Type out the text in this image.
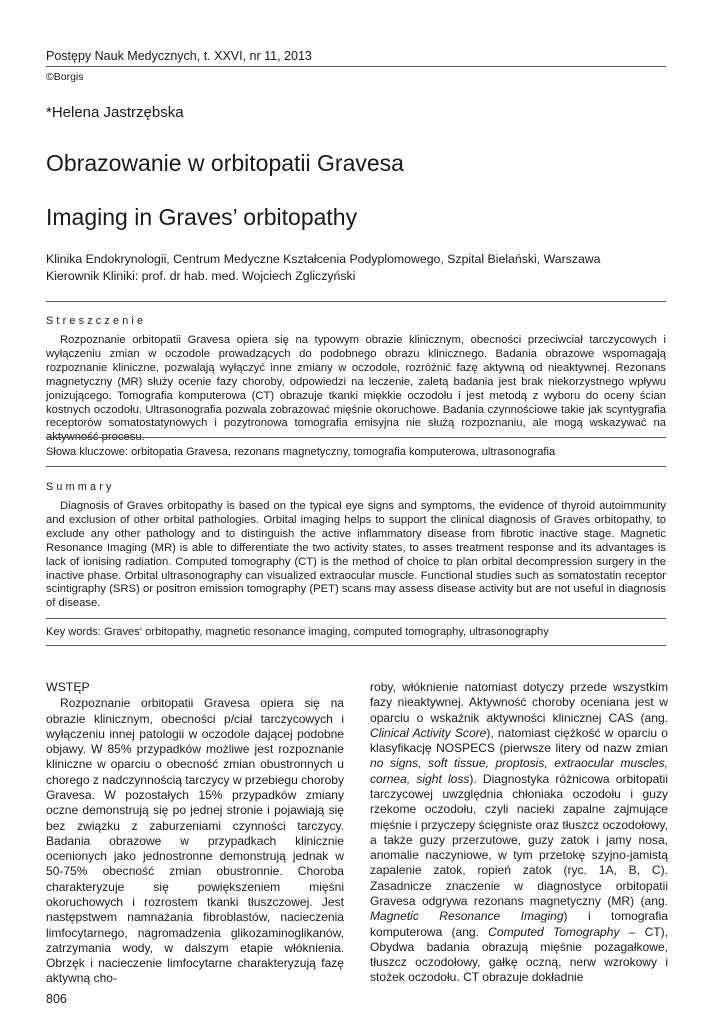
Postępy Nauk Medycznych, t. XXVI, nr 11, 2013
©Borgis
*Helena Jastrzębska
Obrazowanie w orbitopatii Gravesa
Imaging in Graves’ orbitopathy
Klinika Endokrynologii, Centrum Medyczne Kształcenia Podyplomowego, Szpital Bielański, Warszawa
Kierownik Kliniki: prof. dr hab. med. Wojciech Zgliczyński
Streszczenie

Rozpoznanie orbitopatii Gravesa opiera się na typowym obrazie klinicznym, obecności przeciwciał tarczycowych i wyłączeniu zmian w oczodole prowadzących do podobnego obrazu klinicznego. Badania obrazowe wspomagają rozpoznanie kliniczne, pozwalają wyłączyć inne zmiany w oczodole, rozróżnić fazę aktywną od nieaktywnej. Rezonans magnetyczny (MR) służy ocenie fazy choroby, odpowiedzi na leczenie, zaletą badania jest brak niekorzystnego wpływu jonizującego. Tomografia komputerowa (CT) obrazuje tkanki miękkie oczodołu i jest metodą z wyboru do oceny ścian kostnych oczodołu. Ultrasonografia pozwala zobrazować mięśnie okoruchowe. Badania czynnościowe takie jak scyntygrafia receptorów somatostatynowych i pozytronowa tomografia emisyjna nie służą rozpoznaniu, ale mogą wskazywać na aktywność procesu.

Słowa kluczowe: orbitopatia Gravesa, rezonans magnetyczny, tomografia komputerowa, ultrasonografia
Summary

Diagnosis of Graves orbitopathy is based on the typical eye signs and symptoms, the evidence of thyroid autoimmunity and exclusion of other orbital pathologies. Orbital imaging helps to support the clinical diagnosis of Graves orbitopathy, to exclude any other pathology and to distinguish the active inflammatory disease from fibrotic inactive stage. Magnetic Resonance Imaging (MR) is able to differentiate the two activity states, to asses treatment response and its advantages is lack of ionising radiation. Computed tomography (CT) is the method of choice to plan orbital decompression surgery in the inactive phase. Orbital ultrasonography can visualized extraocular muscle. Functional studies such as somatostatin receptor scintigraphy (SRS) or positron emission tomography (PET) scans may assess disease activity but are not useful in diagnosis of disease.

Key words: Graves‘ orbitopathy, magnetic resonance imaging, computed tomography, ultrasonography
WSTĘP

Rozpoznanie orbitopatii Gravesa opiera się na obrazie klinicznym, obecności p/ciał tarczycowych i wyłączeniu innej patologii w oczodole dającej podobne objawy. W 85% przypadków możliwe jest rozpoznanie kliniczne w oparciu o obecność zmian obustronnych u chorego z nadczynnością tarczycy w przebiegu choroby Gravesa. W pozostałych 15% przypadków zmiany oczne demonstrują się po jednej stronie i pojawiają się bez związku z zaburzeniami czynności tarczycy. Badania obrazowe w przypadkach klinicznie ocenionych jako jednostronne demonstrują jednak w 50-75% obecność zmian obustronnie. Choroba charakteryzuje się powiększeniem mięśni okoruchowych i rozrostem tkanki tłuszczowej. Jest następstwem namnażania fibroblastów, nacieczenia limfocytarnego, nagromadzenia glikozaminoglikanów, zatrzymania wody, w dalszym etapie włóknienia. Obrzęk i nacieczenie limfocytarne charakteryzują fazę aktywną cho-

roby, włóknienie natomiast dotyczy przede wszystkim fazy nieaktywnej. Aktywność choroby oceniana jest w oparciu o wskaźnik aktywności klinicznej CAS (ang. Clinical Activity Score), natomiast ciężkość w oparciu o klasyfikację NOSPECS (pierwsze litery od nazw zmian no signs, soft tissue, proptosis, extraocular muscles, cornea, sight loss). Diagnostyka różnicowa orbitopatii tarczycowej uwzględnia chłoniaka oczodołu i guzy rzekome oczodołu, czyli nacieki zapalne zajmujące mięśnie i przyczepy ścięgniste oraz tłuszcz oczodołowy, a także guzy przerzutowe, guzy zatok i jamy nosa, anomalie naczyniowe, w tym przetokę szyjno-jamistą zapalenie zatok, ropień zatok (ryc. 1A, B, C). Zasadnicze znaczenie w diagnostyce orbitopatii Gravesa odgrywa rezonans magnetyczny (MR) (ang. Magnetic Resonance Imaging) i tomografia komputerowa (ang. Computed Tomography – CT), Obydwa badania obrazują mięśnie pozagałkowe, tłuszcz oczodołowy, gałkę oczną, nerw wzrokowy i stożek oczodołu. CT obrazuje dokładnie

806
